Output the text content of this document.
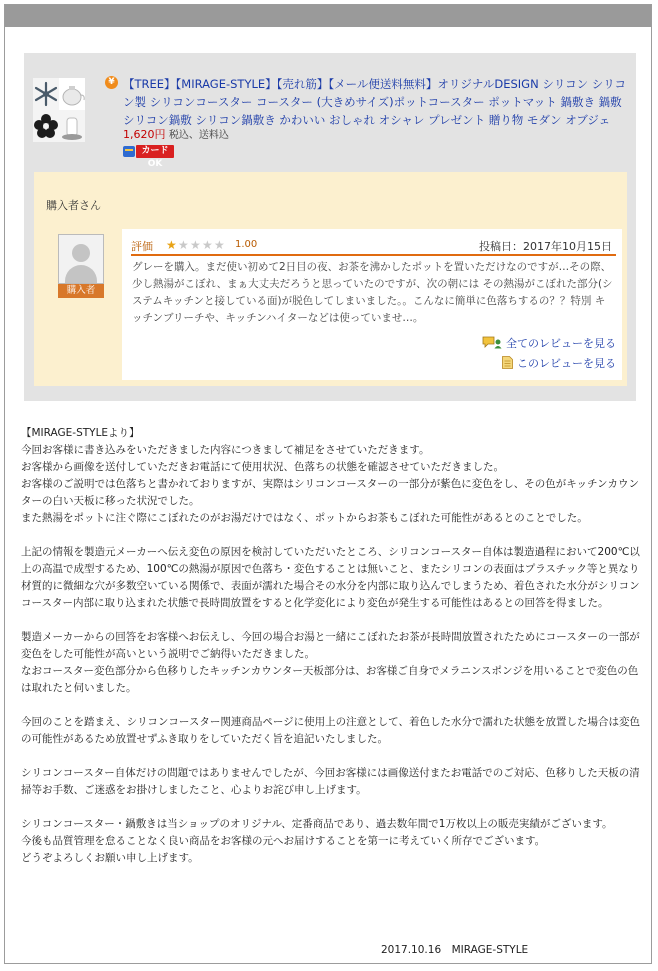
¥ 【TREE】【MIRAGE-STYLE】【売れ筋】【メール便送料無料】オリジナルDESIGN シリコン シリコン製 シリコンコースター コースター (大きめサイズ)ポットコースター ポットマット 鍋敷き 鍋敷 シリコン鍋敷 シリコン鍋敷き かわいい おしゃれ オシャレ プレゼント 贈り物 モダン オブジェ
1,620円 税込、送料込
カードOK
購入者さん
購入者
評価 ★★★★★ 1.00	投稿日：2017年10月15日
グレーを購入。まだ使い初めて2日目の夜、お茶を沸かしたポットを置いただけなのですが…その際、少し熱湯がこぼれ、まぁ大丈夫だろうと思っていたのですが、次の朝には その熱湯がこぼれた部分(システムキッチンと接している面)が脱色してしまいました。。こんなに簡単に色落ちするの？？特別 キッチンブリーチや、キッチンハイターなどは使っていませ…。
全てのレビューを見る
このレビューを見る

【MIRAGE-STYLEより】
今回お客様に書き込みをいただきました内容につきまして補足をさせていただきます。
お客様から画像を送付していただきお電話にて使用状況、色落ちの状態を確認させていただきました。
お客様のご説明では色落ちと書かれておりますが、実際はシリコンコースターの一部分が紫色に変色をし、その色がキッチンカウンターの白い天板に移った状況でした。
また熱湯をポットに注ぐ際にこぼれたのがお湯だけではなく、ポットからお茶もこぼれた可能性があるとのことでした。

上記の情報を製造元メーカーへ伝え変色の原因を検討していただいたところ、シリコンコースター自体は製造過程において200℃以上の高温で成型するため、100℃の熱湯が原因で色落ち・変色することは無いこと、またシリコンの表面はプラスチック等と異なり材質的に微細な穴が多数空いている関係で、表面が濡れた場合その水分を内部に取り込んでしまうため、着色された水分がシリコンコースター内部に取り込まれた状態で長時間放置をすると化学変化により変色が発生する可能性はあるとの回答を得ました。

製造メーカーからの回答をお客様へお伝えし、今回の場合お湯と一緒にこぼれたお茶が長時間放置されたためにコースターの一部が変色をした可能性が高いという説明でご納得いただきました。
なおコースター変色部分から色移りしたキッチンカウンター天板部分は、お客様ご自身でメラニンスポンジを用いることで変色の色は取れたと伺いました。

今回のことを踏まえ、シリコンコースター関連商品ページに使用上の注意として、着色した水分で濡れた状態を放置した場合は変色の可能性があるため放置せずふき取りをしていただく旨を追記いたしました。

シリコンコースター自体だけの問題ではありませんでしたが、今回お客様には画像送付またお電話でのご対応、色移りした天板の清掃等お手数、ご迷惑をお掛けしましたこと、心よりお詫び申し上げます。

シリコンコースター・鍋敷きは当ショップのオリジナル、定番商品であり、過去数年間で1万枚以上の販売実績がございます。
今後も品質管理を怠ることなく良い商品をお客様の元へお届けすることを第一に考えていく所存でございます。
どうぞよろしくお願い申し上げます。

2017.10.16　MIRAGE-STYLE
